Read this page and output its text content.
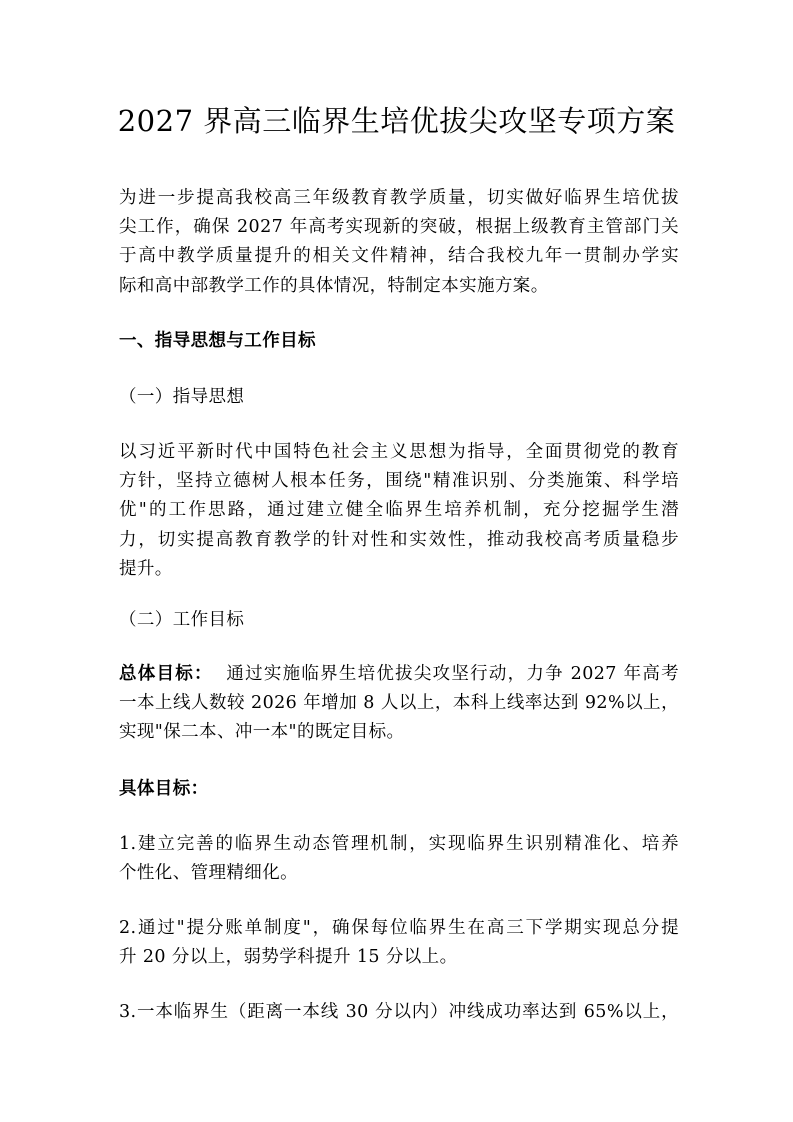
2027 界高三临界生培优拔尖攻坚专项方案

为进一步提高我校高三年级教育教学质量，切实做好临界生培优拔
尖工作，确保 2027 年高考实现新的突破，根据上级教育主管部门关
于高中教学质量提升的相关文件精神，结合我校九年一贯制办学实
际和高中部教学工作的具体情况，特制定本实施方案。

一、指导思想与工作目标
（一）指导思想

以习近平新时代中国特色社会主义思想为指导，全面贯彻党的教育
方针，坚持立德树人根本任务，围绕"精准识别、分类施策、科学培
优"的工作思路，通过建立健全临界生培养机制，充分挖掘学生潜
力，切实提高教育教学的针对性和实效性，推动我校高考质量稳步
提升。

（二）工作目标

总体目标：  通过实施临界生培优拔尖攻坚行动，力争 2027 年高考
一本上线人数较 2026 年增加 8 人以上，本科上线率达到 92%以上，
实现"保二本、冲一本"的既定目标。

具体目标：

1.建立完善的临界生动态管理机制，实现临界生识别精准化、培养
个性化、管理精细化。

2.通过"提分账单制度"，确保每位临界生在高三下学期实现总分提
升 20 分以上，弱势学科提升 15 分以上。

3.一本临界生（距离一本线 30 分以内）冲线成功率达到 65%以上，
